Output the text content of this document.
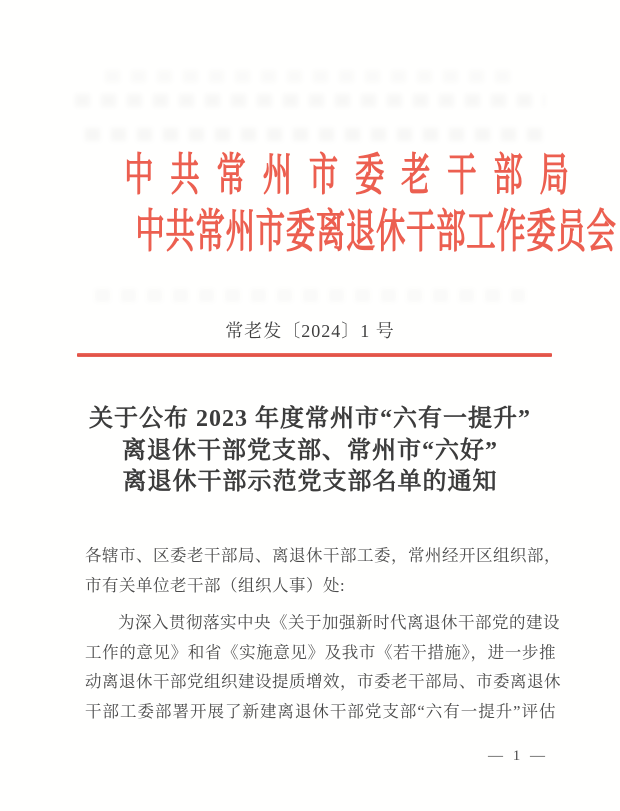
中共常州市委老干部局
中共常州市委离退休干部工作委员会
常老发〔2024〕1 号
关于公布 2023 年度常州市“六有一提升”
离退休干部党支部、常州市“六好”
离退休干部示范党支部名单的通知

各辖市、区委老干部局、离退休干部工委，常州经开区组织部，

市有关单位老干部（组织人事）处:

为深入贯彻落实中央《关于加强新时代离退休干部党的建设

工作的意见》和省《实施意见》及我市《若干措施》，进一步推

动离退休干部党组织建设提质增效，市委老干部局、市委离退休

干部工委部署开展了新建离退休干部党支部“六有一提升”评估

— 1 —
